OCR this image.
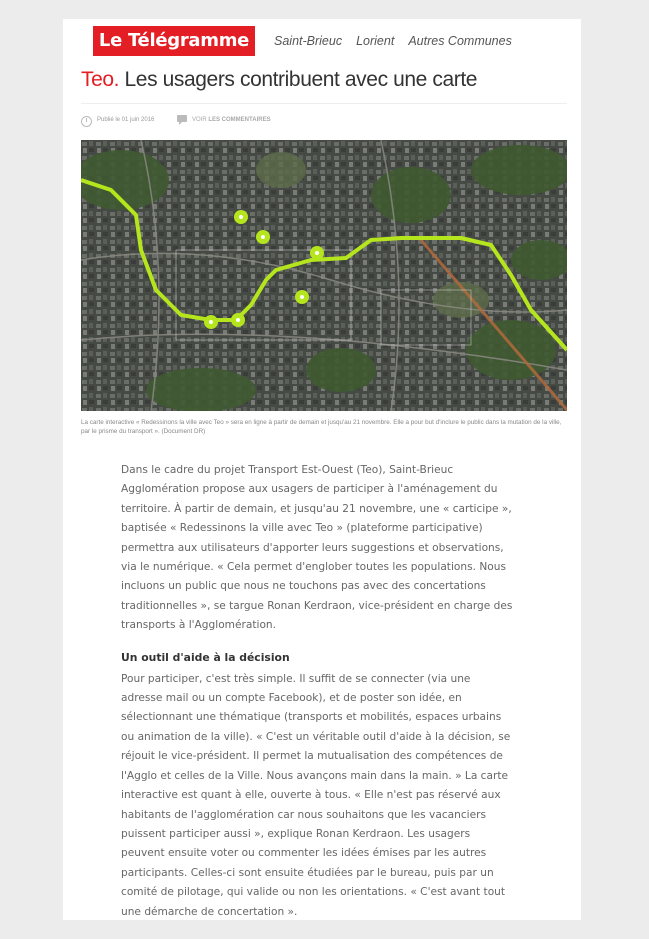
Le Télégramme	Saint-Brieuc Lorient Autres Communes
Teo. Les usagers contribuent avec une carte
Publié le 01 juin 2016	VOIR LES COMMENTAIRES

La carte interactive « Redessinons la ville avec Teo » sera en ligne à partir de demain et jusqu'au 21 novembre. Elle a pour but d'inclure le public dans la mutation de la ville, par le prisme du transport ». (Document DR)

Dans le cadre du projet Transport Est-Ouest (Teo), Saint-Brieuc Agglomération propose aux usagers de participer à l'aménagement du territoire. À partir de demain, et jusqu'au 21 novembre, une « carticipe », baptisée « Redessinons la ville avec Teo » (plateforme participative) permettra aux utilisateurs d'apporter leurs suggestions et observations, via le numérique. « Cela permet d'englober toutes les populations. Nous incluons un public que nous ne touchons pas avec des concertations traditionnelles », se targue Ronan Kerdraon, vice-président en charge des transports à l'Agglomération.

Un outil d'aide à la décision

Pour participer, c'est très simple. Il suffit de se connecter (via une adresse mail ou un compte Facebook), et de poster son idée, en sélectionnant une thématique (transports et mobilités, espaces urbains ou animation de la ville). « C'est un véritable outil d'aide à la décision, se réjouit le vice-président. Il permet la mutualisation des compétences de l'Agglo et celles de la Ville. Nous avançons main dans la main. » La carte interactive est quant à elle, ouverte à tous. « Elle n'est pas réservé aux habitants de l'agglomération car nous souhaitons que les vacanciers puissent participer aussi », explique Ronan Kerdraon. Les usagers peuvent ensuite voter ou commenter les idées émises par les autres participants. Celles-ci sont ensuite étudiées par le bureau, puis par un comité de pilotage, qui valide ou non les orientations. « C'est avant tout une démarche de concertation ».
